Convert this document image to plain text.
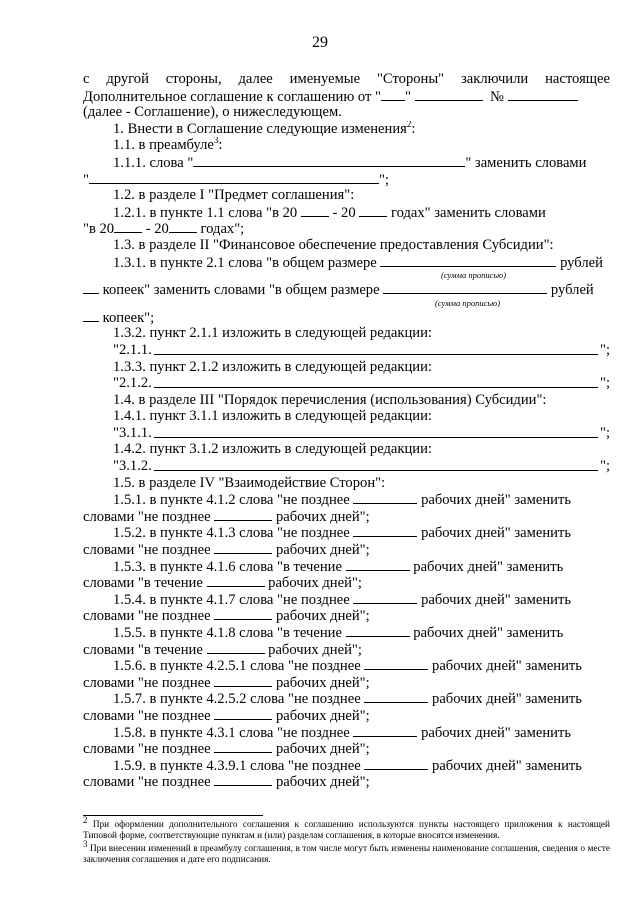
29
с другой стороны, далее именуемые "Стороны" заключили настоящее
Дополнительное соглашение к соглашению от " "	№
(далее - Соглашение), о нижеследующем.
1. Внести в Соглашение следующие изменения$^2$:
1.1. в преамбуле$^3$:
1.1.1. слова "	" заменить словами
"	";
1.2. в разделе I "Предмет соглашения":
1.2.1. в пункте 1.1 слова "в 20 - 20 годах" заменить словами
"в 20 - 20 годах";
1.3. в разделе II "Финансовое обеспечение предоставления Субсидии":
1.3.1. в пункте 2.1 слова "в общем размере	рублей
(сумма прописью)
копеек" заменить словами "в общем размере	рублей
(сумма прописью)
копеек";
1.3.2. пункт 2.1.1 изложить в следующей редакции:
"2.1.1.	";
1.3.3. пункт 2.1.2 изложить в следующей редакции:
"2.1.2.	";
1.4. в разделе III "Порядок перечисления (использования) Субсидии":
1.4.1. пункт 3.1.1 изложить в следующей редакции:
"3.1.1.	";
1.4.2. пункт 3.1.2 изложить в следующей редакции:
"3.1.2.	";
1.5. в разделе IV "Взаимодействие Сторон":
1.5.1. в пункте 4.1.2 слова "не позднее	рабочих дней" заменить
словами "не позднее	рабочих дней";
1.5.2. в пункте 4.1.3 слова "не позднее	рабочих дней" заменить
словами "не позднее	рабочих дней";
1.5.3. в пункте 4.1.6 слова "в течение	рабочих дней" заменить
словами "в течение	рабочих дней";
1.5.4. в пункте 4.1.7 слова "не позднее	рабочих дней" заменить
словами "не позднее	рабочих дней";
1.5.5. в пункте 4.1.8 слова "в течение	рабочих дней" заменить
словами "в течение	рабочих дней";
1.5.6. в пункте 4.2.5.1 слова "не позднее	рабочих дней" заменить
словами "не позднее	рабочих дней";
1.5.7. в пункте 4.2.5.2 слова "не позднее	рабочих дней" заменить
словами "не позднее	рабочих дней";
1.5.8. в пункте 4.3.1 слова "не позднее	рабочих дней" заменить
словами "не позднее	рабочих дней";
1.5.9. в пункте 4.3.9.1 слова "не позднее	рабочих дней" заменить
словами "не позднее	рабочих дней";
$^2$ При оформлении дополнительного соглашения к соглашению используются пункты настоящего приложения к настоящей Типовой форме, соответствующие пунктам и (или) разделам соглашения, в которые вносятся изменения.
$^3$ При внесении изменений в преамбулу соглашения, в том числе могут быть изменены наименование соглашения, сведения о месте заключения соглашения и дате его подписания.
